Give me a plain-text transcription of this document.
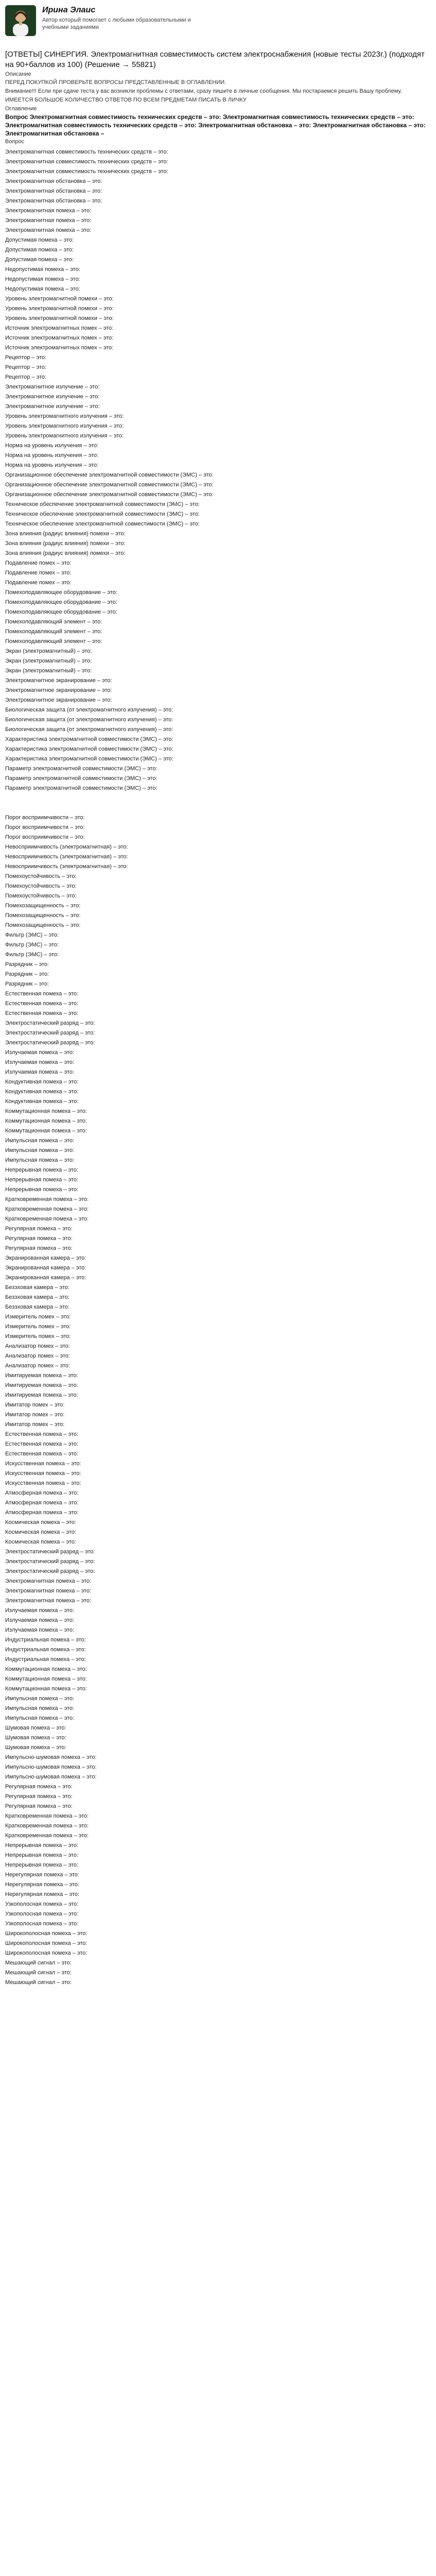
Ирина Элаис
Автор который помогает с любыми образовательными и учебными заданиями
[ОТВЕТЫ] СИНЕРГИЯ. Электромагнитная совместимость систем электроснабжения (новые тесты 2023г.) (подходят на 90+баллов из 100) (Решение → 55821)
Описание
ПЕРЕД ПОКУПКОЙ ПРОВЕРЬТЕ ВОПРОСЫ ПРЕДСТАВЛЕННЫЕ В ОГЛАВЛЕНИИ.
Внимание!!! Если при сдаче теста у вас возникли проблемы с ответами, сразу пишите в личные сообщения. Мы постараемся решить Вашу проблему.
ИМЕЕТСЯ БОЛЬШОЕ КОЛИЧЕСТВО ОТВЕТОВ ПО ВСЕМ ПРЕДМЕТАМ ПИСАТЬ В ЛИЧКУ
Оглавление
Вопрос Электромагнитная совместимость технических средств – это: Электромагнитная совместимость технических средств – это: Электромагнитная совместимость технических средств – это: Электромагнитная обстановка – это: Электромагнитная обстановка – это: Электромагнитная обстановка –
Вопрос
Электромагнитная совместимость технических средств – это:
Электромагнитная совместимость технических средств – это:
Электромагнитная совместимость технических средств – это:
Электромагнитная обстановка – это:
Электромагнитная обстановка – это:
Электромагнитная обстановка – это:
Электромагнитная помеха – это:
Электромагнитная помеха – это:
Электромагнитная помеха – это:
Допустимая помеха – это:
Допустимая помеха – это:
Допустимая помеха – это:
Недопустимая помеха – это:
Недопустимая помеха – это:
Недопустимая помеха – это:
Уровень электромагнитной помехи – это:
Уровень электромагнитной помехи – это:
Уровень электромагнитной помехи – это:
Источник электромагнитных помех – это:
Источник электромагнитных помех – это:
Источник электромагнитных помех – это:
Рецептор – это:
Рецептор – это:
Рецептор – это:
Электромагнитное излучение – это:
Электромагнитное излучение – это:
Электромагнитное излучение – это:
Уровень электромагнитного излучения – это:
Уровень электромагнитного излучения – это:
Уровень электромагнитного излучения – это:
Норма на уровень излучения – это:
Норма на уровень излучения – это:
Норма на уровень излучения – это:
Организационное обеспечение электромагнитной совместимости (ЭМС) – это:
Организационное обеспечение электромагнитной совместимости (ЭМС) – это:
Организационное обеспечение электромагнитной совместимости (ЭМС) – это:
Техническое обеспечение электромагнитной совместимости (ЭМС) – это:
Техническое обеспечение электромагнитной совместимости (ЭМС) – это:
Техническое обеспечение электромагнитной совместимости (ЭМС) – это:
Зона влияния (радиус влияния) помехи – это:
Зона влияния (радиус влияния) помехи – это:
Зона влияния (радиус влияния) помехи – это:
Подавление помех – это:
Подавление помех – это:
Подавление помех – это:
Помехоподавляющее оборудование – это:
Помехоподавляющее оборудование – это:
Помехоподавляющее оборудование – это:
Помехоподавляющий элемент – это:
Помехоподавляющий элемент – это:
Помехоподавляющий элемент – это:
Экран (электромагнитный) – это:
Экран (электромагнитный) – это:
Экран (электромагнитный) – это:
Электромагнитное экранирование – это:
Электромагнитное экранирование – это:
Электромагнитное экранирование – это:
Биологическая защита (от электромагнитного излучения) – это:
Биологическая защита (от электромагнитного излучения) – это:
Биологическая защита (от электромагнитного излучения) – это:
Характеристика электромагнитной совместимости (ЭМС) – это:
Характеристика электромагнитной совместимости (ЭМС) – это:
Характеристика электромагнитной совместимости (ЭМС) – это:
Параметр электромагнитной совместимости (ЭМС) – это:
Параметр электромагнитной совместимости (ЭМС) – это:
Параметр электромагнитной совместимости (ЭМС) – это:
Порог восприимчивости – это:
Порог восприимчивости – это:
Порог восприимчивости – это:
Невосприимчивость (электромагнитная) – это:
Невосприимчивость (электромагнитная) – это:
Невосприимчивость (электромагнитная) – это:
Помехоустойчивость – это:
Помехоустойчивость – это:
Помехоустойчивость – это:
Помехозащищенность – это:
Помехозащищенность – это:
Помехозащищенность – это:
Фильтр (ЭМС) – это:
Фильтр (ЭМС) – это:
Фильтр (ЭМС) – это:
Разрядник – это:
Разрядник – это:
Разрядник – это:
Естественная помеха – это:
Естественная помеха – это:
Естественная помеха – это:
Электростатический разряд – это:
Электростатический разряд – это:
Электростатический разряд – это:
Излучаемая помеха – это:
Излучаемая помеха – это:
Излучаемая помеха – это:
Кондуктивная помеха – это:
Кондуктивная помеха – это:
Кондуктивная помеха – это:
Коммутационная помеха – это:
Коммутационная помеха – это:
Коммутационная помеха – это:
Импульсная помеха – это:
Импульсная помеха – это:
Импульсная помеха – это:
Непрерывная помеха – это:
Непрерывная помеха – это:
Непрерывная помеха – это:
Кратковременная помеха – это:
Кратковременная помеха – это:
Кратковременная помеха – это:
Регулярная помеха – это:
Регулярная помеха – это:
Регулярная помеха – это:
Экранированная камера – это:
Экранированная камера – это:
Экранированная камера – это:
Безэховая камера – это:
Безэховая камера – это:
Безэховая камера – это:
Измеритель помех – это:
Измеритель помех – это:
Измеритель помех – это:
Анализатор помех – это:
Анализатор помех – это:
Анализатор помех – это:
Имитируемая помеха – это:
Имитируемая помеха – это:
Имитируемая помеха – это:
Имитатор помех – это:
Имитатор помех – это:
Имитатор помех – это:
Естественная помеха – это:
Естественная помеха – это:
Естественная помеха – это:
Искусственная помеха – это:
Искусственная помеха – это:
Искусственная помеха – это:
Атмосферная помеха – это:
Атмосферная помеха – это:
Атмосферная помеха – это:
Космическая помеха – это:
Космическая помеха – это:
Космическая помеха – это:
Электростатический разряд – это:
Электростатический разряд – это:
Электростатический разряд – это:
Электромагнитная помеха – это:
Электромагнитная помеха – это:
Электромагнитная помеха – это:
Излучаемая помеха – это:
Излучаемая помеха – это:
Излучаемая помеха – это:
Индустриальная помеха – это:
Индустриальная помеха – это:
Индустриальная помеха – это:
Коммутационная помеха – это:
Коммутационная помеха – это:
Коммутационная помеха – это:
Импульсная помеха – это:
Импульсная помеха – это:
Импульсная помеха – это:
Шумовая помеха – это:
Шумовая помеха – это:
Шумовая помеха – это:
Импульсно-шумовая помеха – это:
Импульсно-шумовая помеха – это:
Импульсно-шумовая помеха – это:
Регулярная помеха – это:
Регулярная помеха – это:
Регулярная помеха – это:
Кратковременная помеха – это:
Кратковременная помеха – это:
Кратковременная помеха – это:
Непрерывная помеха – это:
Непрерывная помеха – это:
Непрерывная помеха – это:
Нерегулярная помеха – это:
Нерегулярная помеха – это:
Нерегулярная помеха – это:
Узкополосная помеха – это:
Узкополосная помеха – это:
Узкополосная помеха – это:
Широкополосная помеха – это:
Широкополосная помеха – это:
Широкополосная помеха – это:
Мешающий сигнал – это:
Мешающий сигнал – это:
Мешающий сигнал – это:
